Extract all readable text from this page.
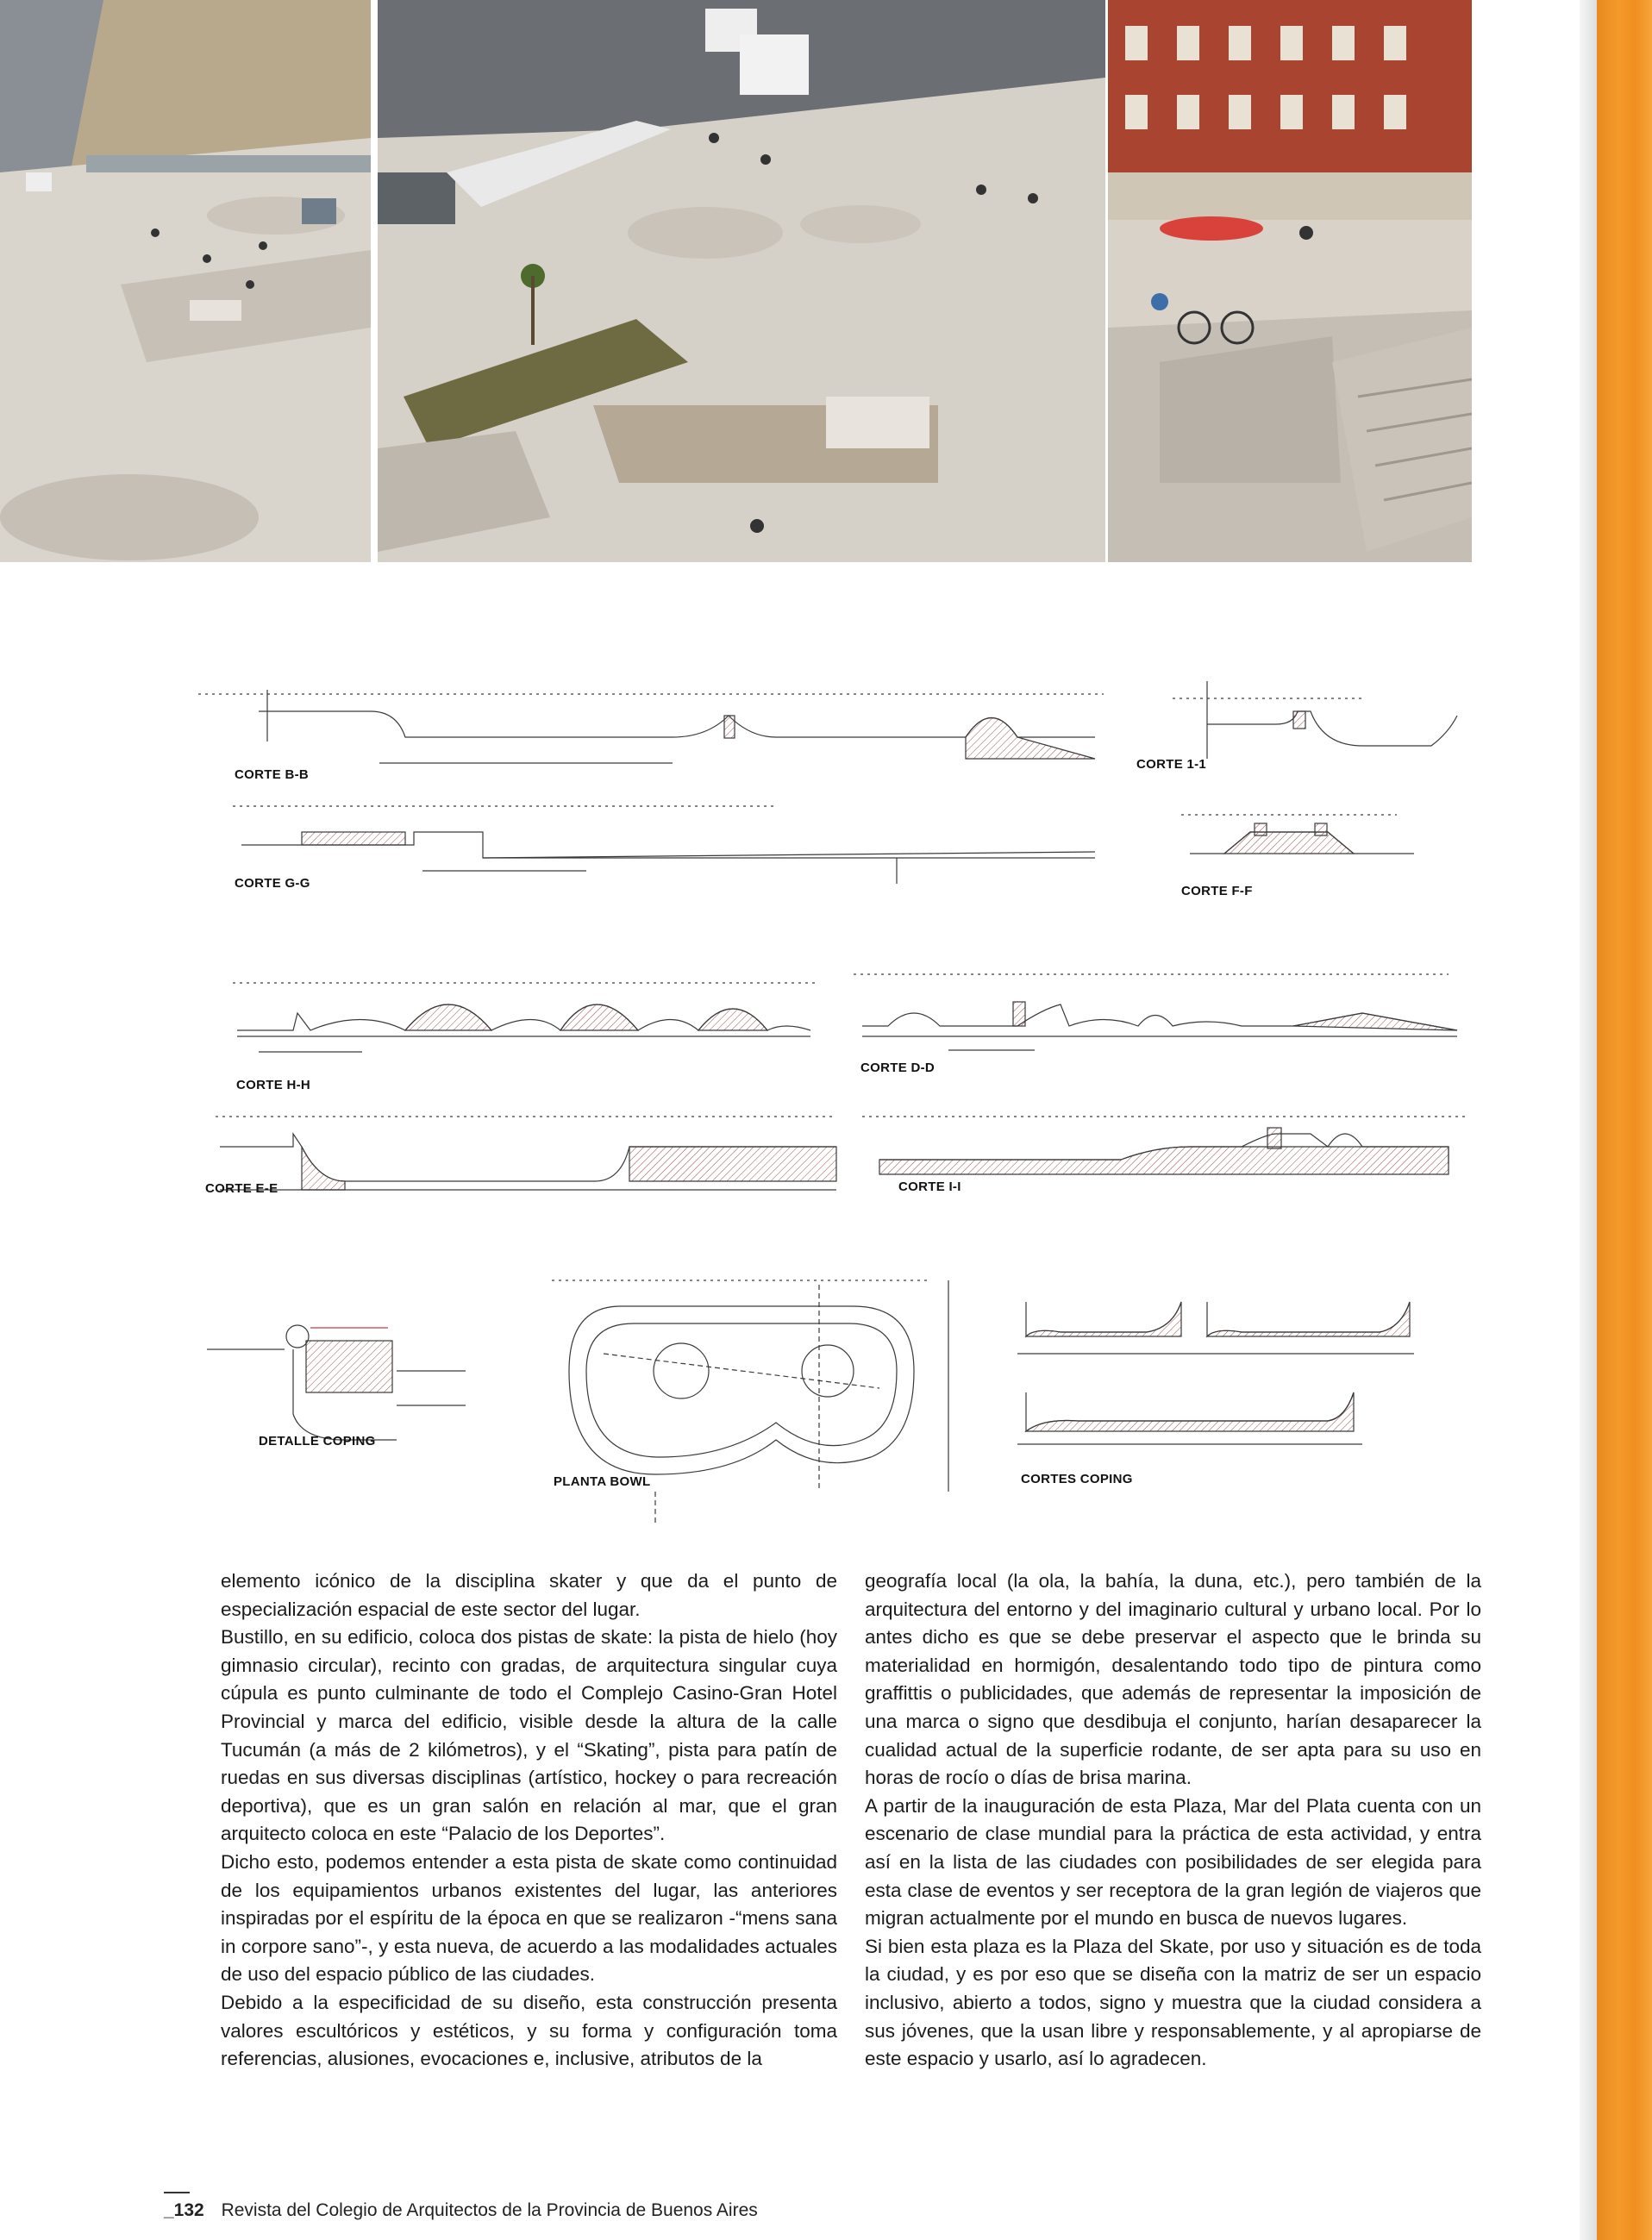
CORTE B-B
CORTE 1-1
CORTE G-G
CORTE F-F
CORTE H-H
CORTE D-D
CORTE E-E	CORTE I-I
DETALLE COPING
PLANTA BOWL	CORTES COPING

elemento icónico de la disciplina skater y que da el punto de especialización espacial de este sector del lugar.

Bustillo, en su edificio, coloca dos pistas de skate: la pista de hielo (hoy gimnasio circular), recinto con gradas, de arquitectura singular cuya cúpula es punto culminante de todo el Complejo Casino-Gran Hotel Provincial y marca del edificio, visible desde la altura de la calle Tucumán (a más de 2 kilómetros), y el “Skating”, pista para patín de ruedas en sus diversas disciplinas (artístico, hockey o para recreación deportiva), que es un gran salón en relación al mar, que el gran arquitecto coloca en este “Palacio de los Deportes”.

Dicho esto, podemos entender a esta pista de skate como continuidad de los equipamientos urbanos existentes del lugar, las anteriores inspiradas por el espíritu de la época en que se realizaron -“mens sana in corpore sano”-, y esta nueva, de acuerdo a las modalidades actuales de uso del espacio público de las ciudades.

Debido a la especificidad de su diseño, esta construcción presenta valores escultóricos y estéticos, y su forma y configuración toma referencias, alusiones, evocaciones e, inclusive, atributos de la

geografía local (la ola, la bahía, la duna, etc.), pero también de la arquitectura del entorno y del imaginario cultural y urbano local. Por lo antes dicho es que se debe preservar el aspecto que le brinda su materialidad en hormigón, desalentando todo tipo de pintura como graffittis o publicidades, que además de representar la imposición de una marca o signo que desdibuja el conjunto, harían desaparecer la cualidad actual de la superficie rodante, de ser apta para su uso en horas de rocío o días de brisa marina.

A partir de la inauguración de esta Plaza, Mar del Plata cuenta con un escenario de clase mundial para la práctica de esta actividad, y entra así en la lista de las ciudades con posibilidades de ser elegida para esta clase de eventos y ser receptora de la gran legión de viajeros que migran actualmente por el mundo en busca de nuevos lugares.

Si bien esta plaza es la Plaza del Skate, por uso y situación es de toda la ciudad, y es por eso que se diseña con la matriz de ser un espacio inclusivo, abierto a todos, signo y muestra que la ciudad considera a sus jóvenes, que la usan libre y responsablemente, y al apropiarse de este espacio y usarlo, así lo agradecen.

_132 Revista del Colegio de Arquitectos de la Provincia de Buenos Aires
